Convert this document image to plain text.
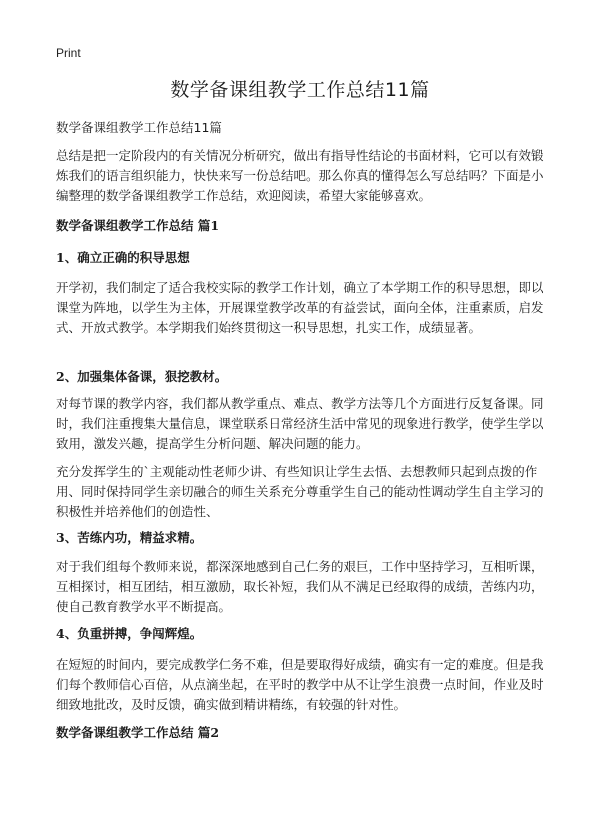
Print
数学备课组教学工作总结11篇
数学备课组教学工作总结11篇
总结是把一定阶段内的有关情况分析研究，做出有指导性结论的书面材料，它可以有效锻炼我们的语言组织能力，快快来写一份总结吧。那么你真的懂得怎么写总结吗？下面是小编整理的数学备课组教学工作总结，欢迎阅读，希望大家能够喜欢。
数学备课组教学工作总结 篇1
1、确立正确的积导思想
开学初，我们制定了适合我校实际的教学工作计划，确立了本学期工作的积导思想，即以课堂为阵地，以学生为主体，开展课堂教学改革的有益尝试，面向全体，注重素质，启发式、开放式教学。本学期我们始终贯彻这一积导思想，扎实工作，成绩显著。
2、加强集体备课，狠挖教材。
对每节课的教学内容，我们都从教学重点、难点、教学方法等几个方面进行反复备课。同时，我们注重搜集大量信息，课堂联系日常经济生活中常见的现象进行教学，使学生学以致用，激发兴趣，提高学生分析问题、解决问题的能力。
充分发挥学生的`主观能动性老师少讲、有些知识让学生去悟、去想教师只起到点拨的作用、同时保持同学生亲切融合的师生关系充分尊重学生自己的能动性调动学生自主学习的积极性并培养他们的创造性、
3、苦练内功，精益求精。
对于我们组每个教师来说，都深深地感到自己仁务的艰巨，工作中坚持学习，互相听课，互相探讨，相互团结，相互激励，取长补短，我们从不满足已经取得的成绩，苦练内功，使自己教育教学水平不断提高。
4、负重拼搏，争闯辉煌。
在短短的时间内，要完成教学仁务不难，但是要取得好成绩，确实有一定的难度。但是我们每个教师信心百倍，从点滴坐起，在平时的教学中从不让学生浪费一点时间，作业及时细致地批改，及时反馈，确实做到精讲精练，有较强的针对性。
数学备课组教学工作总结 篇2
